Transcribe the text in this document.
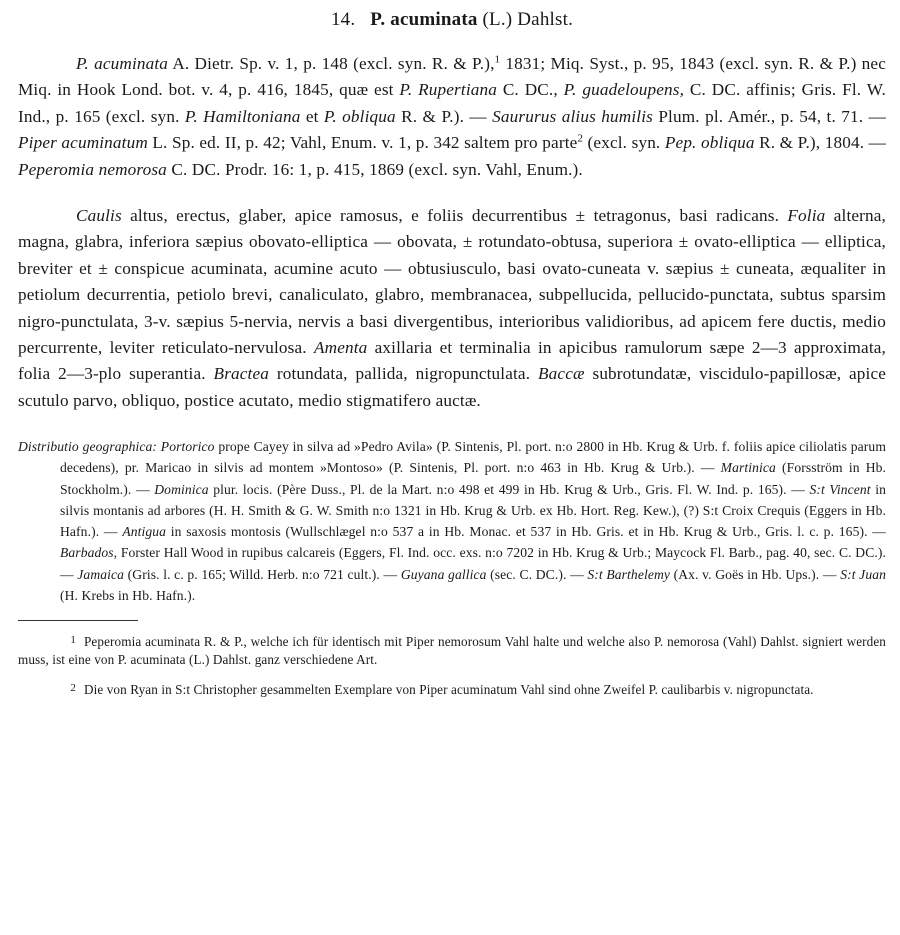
14. P. acuminata (L.) Dahlst.

P. acuminata A. Dietr. Sp. v. 1, p. 148 (excl. syn. R. & P.),$^1$ 1831; Miq. Syst., p. 95, 1843 (excl. syn. R. & P.) nec Miq. in Hook Lond. bot. v. 4, p. 416, 1845, quæ est P. Rupertiana C. DC., P. guadeloupens, C. DC. affinis; Gris. Fl. W. Ind., p. 165 (excl. syn. P. Hamiltoniana et P. obliqua R. & P.). — Saururus alius humilis Plum. pl. Amér., p. 54, t. 71. — Piper acuminatum L. Sp. ed. II, p. 42; Vahl, Enum. v. 1, p. 342 saltem pro parte$^2$ (excl. syn. Pep. obliqua R. & P.), 1804. — Peperomia nemorosa C. DC. Prodr. 16: 1, p. 415, 1869 (excl. syn. Vahl, Enum.).

Caulis altus, erectus, glaber, apice ramosus, e foliis decurrentibus ± tetragonus, basi radicans. Folia alterna, magna, glabra, inferiora sæpius obovato-elliptica — obovata, ± rotundato-obtusa, superiora ± ovato-elliptica — elliptica, breviter et ± conspicue acuminata, acumine acuto — obtusiusculo, basi ovato-cuneata v. sæpius ± cuneata, æqualiter in petiolum decurrentia, petiolo brevi, canaliculato, glabro, membranacea, subpellucida, pellucido-punctata, subtus sparsim nigro-punctulata, 3-v. sæpius 5-nervia, nervis a basi divergentibus, interioribus validioribus, ad apicem fere ductis, medio percurrente, leviter reticulato-nervulosa. Amenta axillaria et terminalia in apicibus ramulorum sæpe 2—3 approximata, folia 2—3-plo superantia. Bractea rotundata, pallida, nigropunctulata. Baccæ subrotundatæ, viscidulo-papillosæ, apice scutulo parvo, obliquo, postice acutato, medio stigmatifero auctæ.

Distributio geographica: Portorico prope Cayey in silva ad »Pedro Avila» (P. Sintenis, Pl. port. n:o 2800 in Hb. Krug & Urb. f. foliis apice ciliolatis parum decedens), pr. Maricao in silvis ad montem »Montoso» (P. Sintenis, Pl. port. n:o 463 in Hb. Krug & Urb.). — Martinica (Forsström in Hb. Stockholm.). — Dominica plur. locis. (Père Duss., Pl. de la Mart. n:o 498 et 499 in Hb. Krug & Urb., Gris. Fl. W. Ind. p. 165). — S:t Vincent in silvis montanis ad arbores (H. H. Smith & G. W. Smith n:o 1321 in Hb. Krug & Urb. ex Hb. Hort. Reg. Kew.), (?) S:t Croix Crequis (Eggers in Hb. Hafn.). — Antigua in saxosis montosis (Wullschlægel n:o 537 a in Hb. Monac. et 537 in Hb. Gris. et in Hb. Krug & Urb., Gris. l. c. p. 165). — Barbados, Forster Hall Wood in rupibus calcareis (Eggers, Fl. Ind. occ. exs. n:o 7202 in Hb. Krug & Urb.; Maycock Fl. Barb., pag. 40, sec. C. DC.). — Jamaica (Gris. l. c. p. 165; Willd. Herb. n:o 721 cult.). — Guyana gallica (sec. C. DC.). — S:t Barthelemy (Ax. v. Goës in Hb. Ups.). — S:t Juan (H. Krebs in Hb. Hafn.).

1 Peperomia acuminata R. & P., welche ich für identisch mit Piper nemorosum Vahl halte und welche also P. nemorosa (Vahl) Dahlst. signiert werden muss, ist eine von P. acuminata (L.) Dahlst. ganz verschiedene Art.

2 Die von Ryan in S:t Christopher gesammelten Exemplare von Piper acuminatum Vahl sind ohne Zweifel P. caulibarbis v. nigropunctata.
